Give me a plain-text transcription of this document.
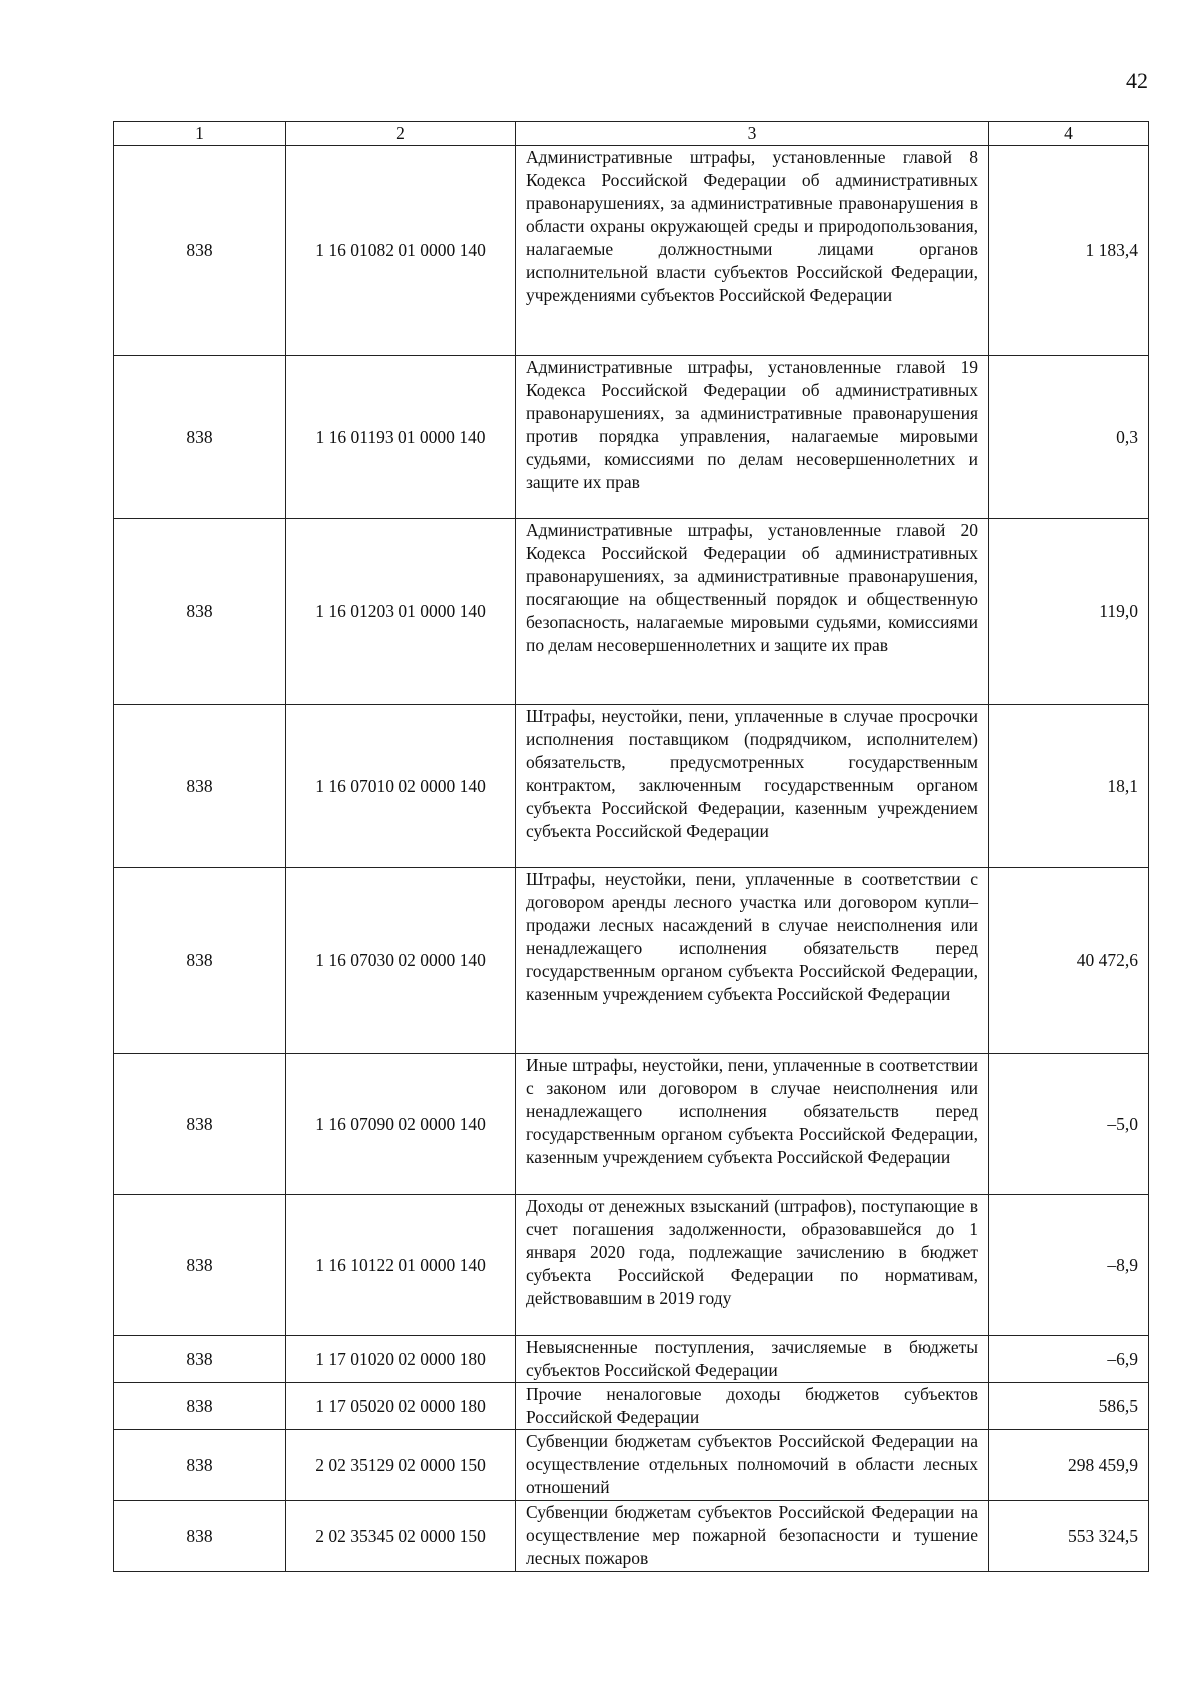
42
1	2	3	4
838	1 16 01082 01 0000 140	Административные штрафы, установленные главой 8 Кодекса Российской Федерации об административных правонарушениях, за административные правонарушения в области охраны окружающей среды и природопользования, налагаемые должностными лицами органов исполнительной власти субъектов Российской Федерации, учреждениями субъектов Российской Федерации	1 183,4
838	1 16 01193 01 0000 140	Административные штрафы, установленные главой 19 Кодекса Российской Федерации об административных правонарушениях, за административные правонарушения против порядка управления, налагаемые мировыми судьями, комиссиями по делам несовершеннолетних и защите их прав	0,3
838	1 16 01203 01 0000 140	Административные штрафы, установленные главой 20 Кодекса Российской Федерации об административных правонарушениях, за административные правонарушения, посягающие на общественный порядок и общественную безопасность, налагаемые мировыми судьями, комиссиями по делам несовершеннолетних и защите их прав	119,0
838	1 16 07010 02 0000 140	Штрафы, неустойки, пени, уплаченные в случае просрочки исполнения поставщиком (подрядчиком, исполнителем) обязательств, предусмотренных государственным контрактом, заключенным государственным органом субъекта Российской Федерации, казенным учреждением субъекта Российской Федерации	18,1
838	1 16 07030 02 0000 140	Штрафы, неустойки, пени, уплаченные в соответствии с договором аренды лесного участка или договором купли–продажи лесных насаждений в случае неисполнения или ненадлежащего исполнения обязательств перед государственным органом субъекта Российской Федерации, казенным учреждением субъекта Российской Федерации	40 472,6
838	1 16 07090 02 0000 140	Иные штрафы, неустойки, пени, уплаченные в соответствии с законом или договором в случае неисполнения или ненадлежащего исполнения обязательств перед государственным органом субъекта Российской Федерации, казенным учреждением субъекта Российской Федерации	–5,0
838	1 16 10122 01 0000 140	Доходы от денежных взысканий (штрафов), поступающие в счет погашения задолженности, образовавшейся до 1 января 2020 года, подлежащие зачислению в бюджет субъекта Российской Федерации по нормативам, действовавшим в 2019 году	–8,9
838	1 17 01020 02 0000 180	Невыясненные поступления, зачисляемые в бюджеты субъектов Российской Федерации	–6,9
838	1 17 05020 02 0000 180	Прочие неналоговые доходы бюджетов субъектов Российской Федерации	586,5
838	2 02 35129 02 0000 150	Субвенции бюджетам субъектов Российской Федерации на осуществление отдельных полномочий в области лесных отношений	298 459,9
838	2 02 35345 02 0000 150	Субвенции бюджетам субъектов Российской Федерации на осуществление мер пожарной безопасности и тушение лесных пожаров	553 324,5
